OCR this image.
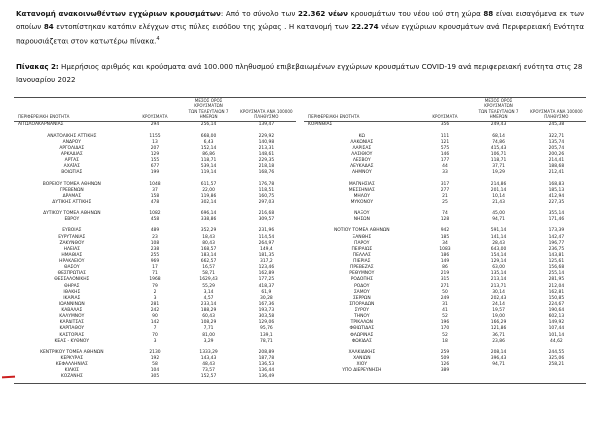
Κατανομή ανακοινωθέντων εγχώριων κρουσμάτων: Από το σύνολο των 22.362 νέων κρουσμάτων του νέου ιού στη χώρα 88 είναι εισαγόμενα εκ των οποίων 84 εντοπίστηκαν κατόπιν ελέγχων στις πύλες εισόδου της χώρας . Η κατανομή των 22.274 νέων εγχώριων κρουσμάτων ανά Περιφερειακή Ενότητα παρουσιάζεται στον κατωτέρω πίνακα.$^4$

Πίνακας 2: Ημερήσιος αριθμός και κρούσματα ανά 100.000 πληθυσμού επιβεβαιωμένων εγχώριων κρουσμάτων COVID-19 ανά περιφερειακή ενότητα στις 28 Ιανουαρίου 2022

ΠΕΡΙΦΕΡΕΙΑΚΗ ΕΝΟΤΗΤΑ	ΚΡΟΥΣΜΑΤΑ	ΜΕΣΟΣ ΟΡΟΣ ΚΡΟΥΣΜΑΤΩΝ
ΤΩΝ ΤΕΛΕΥΤΑΙΩΝ 7 ΗΜΕΡΩΝ	ΚΡΟΥΣΜΑΤΑ ΑΝΑ 100000
ΠΛΗΘΥΣΜΟ
ΑΙΤΩΛΟΑΚΑΡΝΑΝΙΑΣ	294	256,14	139,47

ΑΝΑΤΟΛΙΚΗΣ ΑΤΤΙΚΗΣ	1155	668,00	229,92
ΑΝΔΡΟΥ	13	6,43	140,98
ΑΡΓΟΛΙΔΑΣ	207	152,14	213,31
ΑΡΚΑΔΙΑΣ	129	86,86	148,61
ΑΡΤΑΣ	155	118,71	229,35
ΑΧΑΪΑΣ	677	539,14	218,18
ΒΟΙΩΤΙΑΣ	199	119,14	168,76

ΒΟΡΕΙΟΥ ΤΟΜΕΑ ΑΘΗΝΩΝ	1048	611,57	176,78
ΓΡΕΒΕΝΩΝ	37	22,00	118,51
ΔΡΑΜΑΣ	158	119,86	160,75
ΔΥΤΙΚΗΣ ΑΤΤΙΚΗΣ	478	302,14	297,03

ΔΥΤΙΚΟΥ ΤΟΜΕΑ ΑΘΗΝΩΝ	1082	696,14	216,68
ΕΒΡΟΥ	458	338,86	309,57

ΕΥΒΟΙΑΣ	489	352,29	231,96
ΕΥΡΥΤΑΝΙΑΣ	23	18,43	114,54
ΖΑΚΥΝΘΟΥ	108	80,43	264,97
ΗΛΕΙΑΣ	238	168,57	149,4
ΗΜΑΘΙΑΣ	255	183,14	181,35
ΗΡΑΚΛΕΙΟΥ	969	662,57	317,2
ΘΑΣΟΥ	17	16,57	123,46
ΘΕΣΠΡΩΤΙΑΣ	71	58,71	162,89
ΘΕΣΣΑΛΟΝΙΚΗΣ	1968	1629,43	177,25
ΘΗΡΑΣ	79	55,29	418,37
ΙΘΑΚΗΣ	2	3,14	61,9
ΙΚΑΡΙΑΣ	3	4,57	30,28
ΙΩΑΝΝΙΝΩΝ	281	233,14	167,36
ΚΑΒΑΛΑΣ	242	188,29	193,73
ΚΑΛΥΜΝΟΥ	90	60,43	303,58
ΚΑΡΔΙΤΣΑΣ	142	108,29	129,06
ΚΑΡΠΑΘΟΥ	7	7,71	95,76
ΚΑΣΤΟΡΙΑΣ	70	81,00	139,1
ΚΕΑΣ - ΚΥΘΝΟΥ	3	3,29	78,71

ΚΕΝΤΡΙΚΟΥ ΤΟΜΕΑ ΑΘΗΝΩΝ	2130	1333,29	208,89
ΚΕΡΚΥΡΑΣ	192	143,43	187,78
ΚΕΦΑΛΛΗΝΙΑΣ	58	48,43	136,53
ΚΙΛΚΙΣ	104	73,57	136,44
ΚΟΖΑΝΗΣ	305	152,57	136,49
ΠΕΡΙΦΕΡΕΙΑΚΗ ΕΝΟΤΗΤΑ	ΚΡΟΥΣΜΑΤΑ	ΜΕΣΟΣ ΟΡΟΣ ΚΡΟΥΣΜΑΤΩΝ
ΤΩΝ ΤΕΛΕΥΤΑΙΩΝ 7 ΗΜΕΡΩΝ	ΚΡΟΥΣΜΑΤΑ ΑΝΑ 100000
ΠΛΗΘΥΣΜΟ
ΚΟΡΙΝΘΙΑΣ	356	249,43	245,38

ΚΩ	111	68,14	322,71
ΛΑΚΩΝΙΑΣ	121	74,86	135,74
ΛΑΡΙΣΑΣ	575	415,43	205,74
ΛΑΣΙΘΙΟΥ	146	106,71	200,26
ΛΕΣΒΟΥ	177	118,71	214,41
ΛΕΥΚΑΔΑΣ	44	37,71	188,68
ΛΗΜΝΟΥ	33	19,29	212,41

ΜΑΓΝΗΣΙΑΣ	317	214,86	168,83
ΜΕΣΣΗΝΙΑΣ	277	201,14	185,13
ΜΗΛΟΥ	21	10,14	412,94
ΜΥΚΟΝΟΥ	25	21,43	227,35

ΝΑΞΟΥ	74	45,00	355,14
ΝΗΣΩΝ	128	94,71	171,46

ΝΟΤΙΟΥ ΤΟΜΕΑ ΑΘΗΝΩΝ	942	591,14	173,39
ΞΑΝΘΗΣ	185	141,14	142,47
ΠΑΡΟΥ	34	28,43	196,77
ΠΕΙΡΑΙΩΣ	1083	643,00	236,75
ΠΕΛΛΑΣ	186	154,14	143,81
ΠΙΕΡΙΑΣ	149	129,14	125,61
ΠΡΕΒΕΖΑΣ	86	63,00	156,68
ΡΕΘΥΜΝΟΥ	219	135,14	255,14
ΡΟΔΟΠΗΣ	315	213,14	281,95
ΡΟΔΟΥ	271	213,71	212,04
ΣΑΜΟΥ	50	30,14	162,81
ΣΕΡΡΩΝ	249	202,43	150,85
ΣΠΟΡΑΔΩΝ	31	24,14	224,67
ΣΥΡΟΥ	41	19,57	190,64
ΤΗΝΟΥ	52	19,00	602,13
ΤΡΙΚΑΛΩΝ	196	166,29	149,92
ΦΘΙΩΤΙΔΑΣ	170	121,86	107,44
ΦΛΩΡΙΝΑΣ	52	36,71	101,14
ΦΩΚΙΔΑΣ	18	23,86	44,62

ΧΑΛΚΙΔΙΚΗΣ	259	208,14	244,55
ΧΑΝΙΩΝ	509	396,43	325,06
ΧΙΟΥ	126	94,71	258,21
ΥΠΟ ΔΙΕΡΕΥΝΗΣΗ	389		
